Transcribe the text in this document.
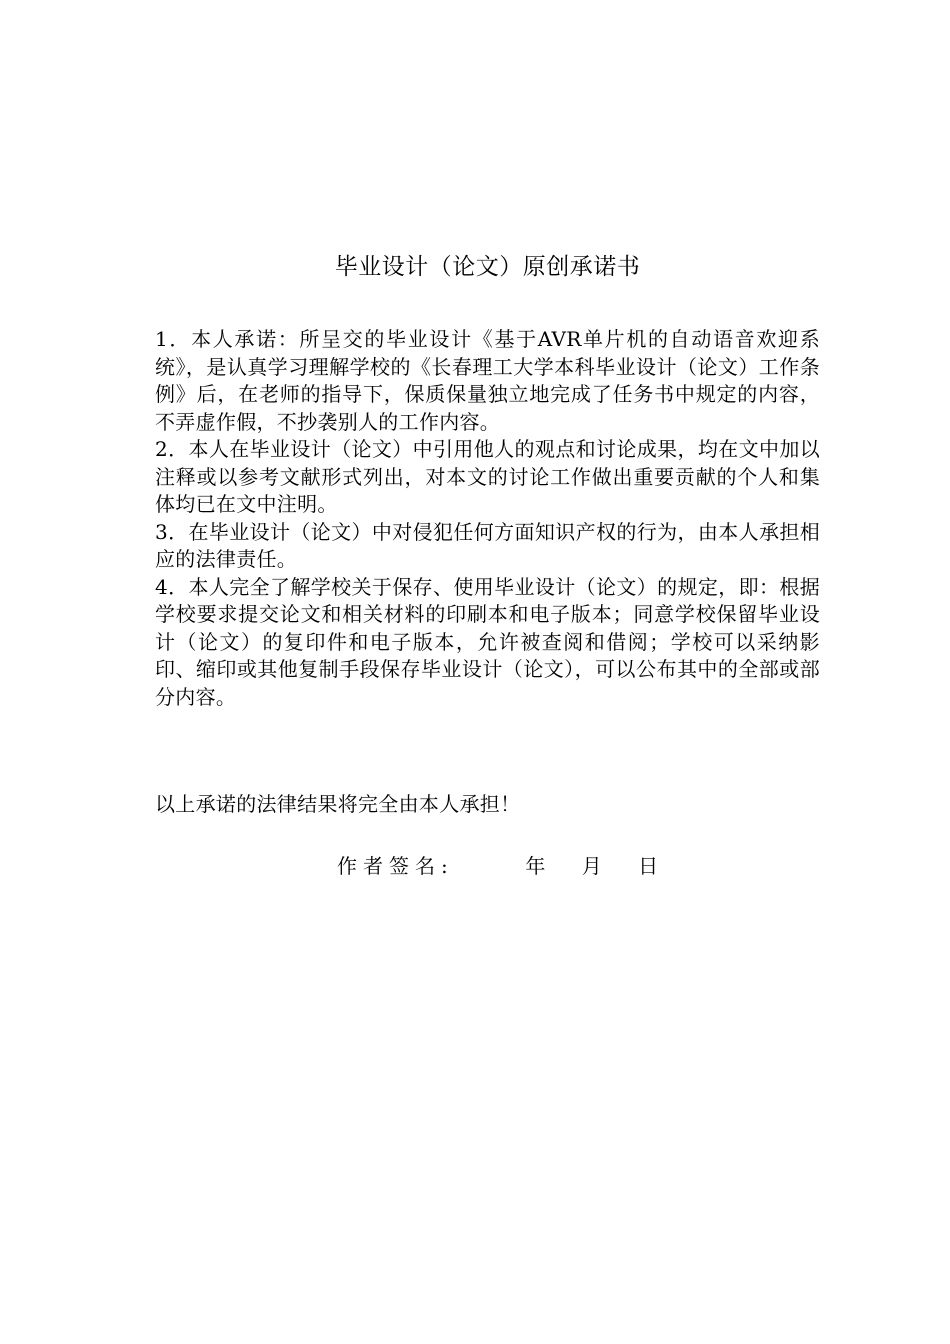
毕业设计（论文）原创承诺书

1．本人承诺：所呈交的毕业设计《基于AVR单片机的自动语音欢迎系统》，是认真学习理解学校的《长春理工大学本科毕业设计（论文）工作条例》后，在老师的指导下，保质保量独立地完成了任务书中规定的内容，不弄虚作假，不抄袭别人的工作内容。

2．本人在毕业设计（论文）中引用他人的观点和讨论成果，均在文中加以注释或以参考文献形式列出，对本文的讨论工作做出重要贡献的个人和集体均已在文中注明。

3．在毕业设计（论文）中对侵犯任何方面知识产权的行为，由本人承担相应的法律责任。

4．本人完全了解学校关于保存、使用毕业设计（论文）的规定，即：根据学校要求提交论文和相关材料的印刷本和电子版本；同意学校保留毕业设计（论文）的复印件和电子版本，允许被查阅和借阅；学校可以采纳影印、缩印或其他复制手段保存毕业设计（论文），可以公布其中的全部或部分内容。

以上承诺的法律结果将完全由本人承担！
作者签名:	年 月 日
